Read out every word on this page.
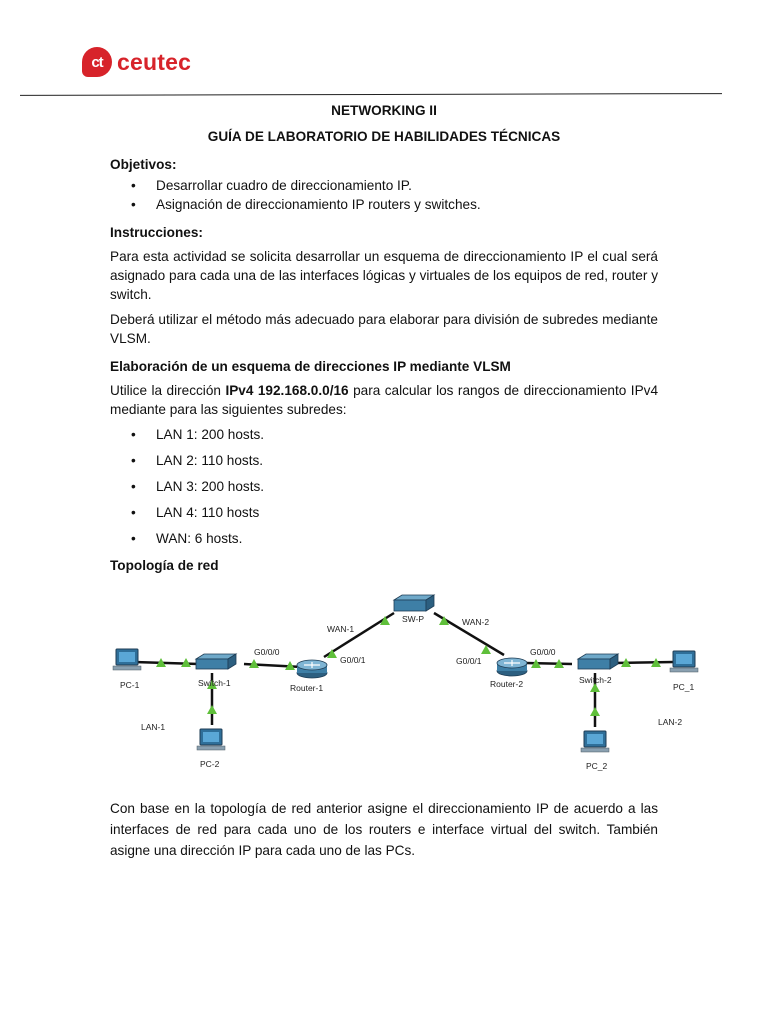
ct ceutec
NETWORKING II
GUÍA DE LABORATORIO DE HABILIDADES TÉCNICAS
Objetivos:
• Desarrollar cuadro de direccionamiento IP.
• Asignación de direccionamiento IP routers y switches.
Instrucciones:

Para esta actividad se solicita desarrollar un esquema de direccionamiento IP el cual será asignado para cada una de las interfaces lógicas y virtuales de los equipos de red, router y switch.

Deberá utilizar el método más adecuado para elaborar para división de subredes mediante VLSM.

Elaboración de un esquema de direcciones IP mediante VLSM

Utilice la dirección IPv4 192.168.0.0/16 para calcular los rangos de direccionamiento IPv4 mediante para las siguientes subredes:

• LAN 1: 200 hosts.
• LAN 2: 110 hosts.
• LAN 3: 200 hosts.
• LAN 4: 110 hosts
• WAN: 6 hosts.
Topología de red
PC-1	Switch-1
PC-2
LAN-1
Router-1
G0/0/0
G0/0/1
WAN-1
SW-P	WAN-2
Router-2
G0/0/1
G0/0/0
Switch-2
PC_1
PC_2
LAN-2

Con base en la topología de red anterior asigne el direccionamiento IP de acuerdo a las interfaces de red para cada uno de los routers e interface virtual del switch. También asigne una dirección IP para cada uno de las PCs.
